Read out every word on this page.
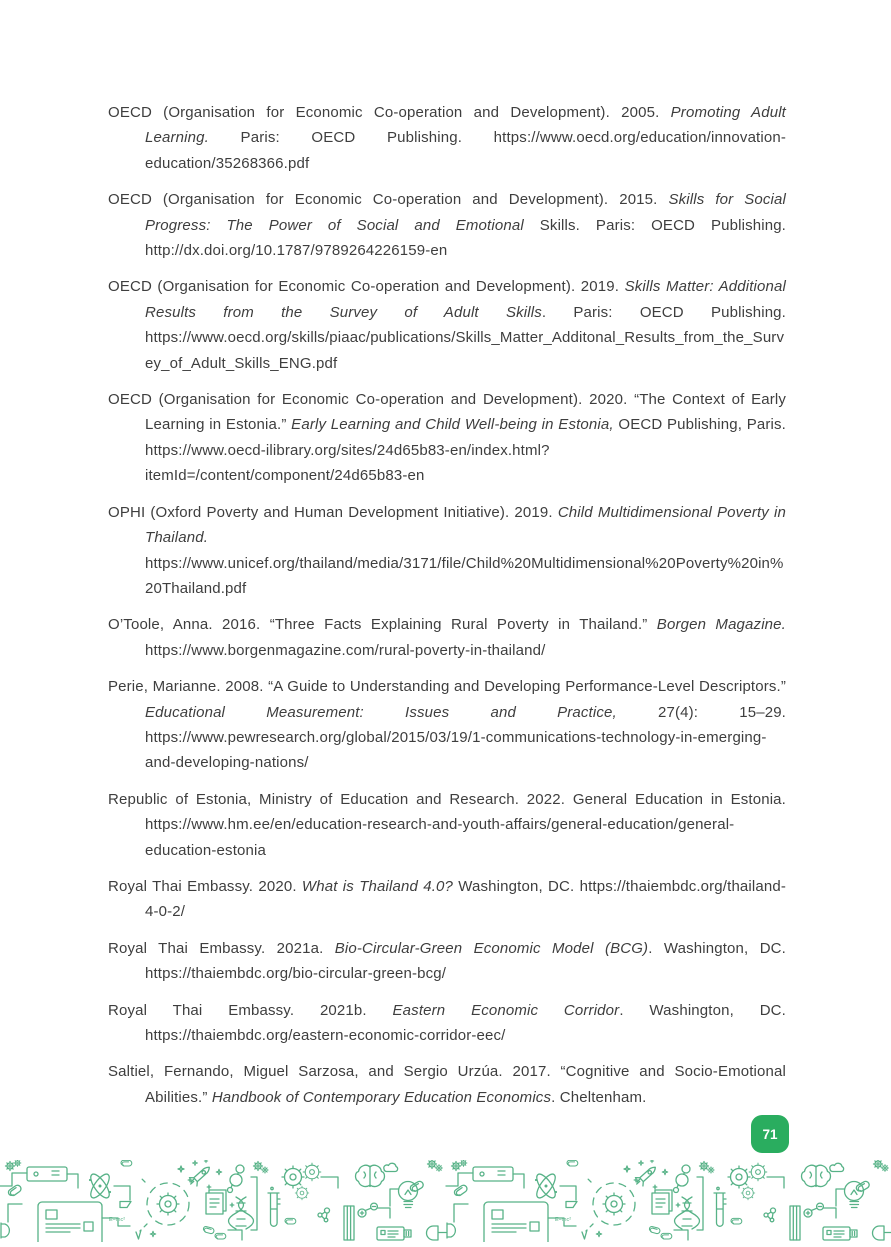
OECD (Organisation for Economic Co-operation and Development). 2005. Promoting Adult Learning. Paris: OECD Publishing. https://www.oecd.org/education/innovation-education/35268366.pdf

OECD (Organisation for Economic Co-operation and Development). 2015. Skills for Social Progress: The Power of Social and Emotional Skills. Paris: OECD Publishing. http://dx.doi.org/10.1787/9789264226159-en

OECD (Organisation for Economic Co-operation and Development). 2019. Skills Matter: Additional Results from the Survey of Adult Skills. Paris: OECD Publishing. https://www.oecd.org/skills/piaac/publications/Skills_Matter_Additonal_Results_from_the_Survey_of_Adult_Skills_ENG.pdf

OECD (Organisation for Economic Co-operation and Development). 2020. “The Context of Early Learning in Estonia.” Early Learning and Child Well-being in Estonia, OECD Publishing, Paris. https://www.oecd-ilibrary.org/sites/24d65b83-en/index.html?itemId=/content/component/24d65b83-en

OPHI (Oxford Poverty and Human Development Initiative). 2019. Child Multidimensional Poverty in Thailand. https://www.unicef.org/thailand/media/3171/file/Child%20Multidimensional%20Poverty%20in%20Thailand.pdf

O’Toole, Anna. 2016. “Three Facts Explaining Rural Poverty in Thailand.” Borgen Magazine. https://www.borgenmagazine.com/rural-poverty-in-thailand/

Perie, Marianne. 2008. “A Guide to Understanding and Developing Performance-Level Descriptors.” Educational Measurement: Issues and Practice, 27(4): 15–29. https://www.pewresearch.org/global/2015/03/19/1-communications-technology-in-emerging-and-developing-nations/

Republic of Estonia, Ministry of Education and Research. 2022. General Education in Estonia. https://www.hm.ee/en/education-research-and-youth-affairs/general-education/general-education-estonia

Royal Thai Embassy. 2020. What is Thailand 4.0? Washington, DC. https://thaiembdc.org/thailand-4-0-2/

Royal Thai Embassy. 2021a. Bio-Circular-Green Economic Model (BCG). Washington, DC. https://thaiembdc.org/bio-circular-green-bcg/

Royal Thai Embassy. 2021b. Eastern Economic Corridor. Washington, DC. https://thaiembdc.org/eastern-economic-corridor-eec/

Saltiel, Fernando, Miguel Sarzosa, and Sergio Urzúa. 2017. “Cognitive and Socio-Emotional Abilities.” Handbook of Contemporary Education Economics. Cheltenham.

71
E=mc²
